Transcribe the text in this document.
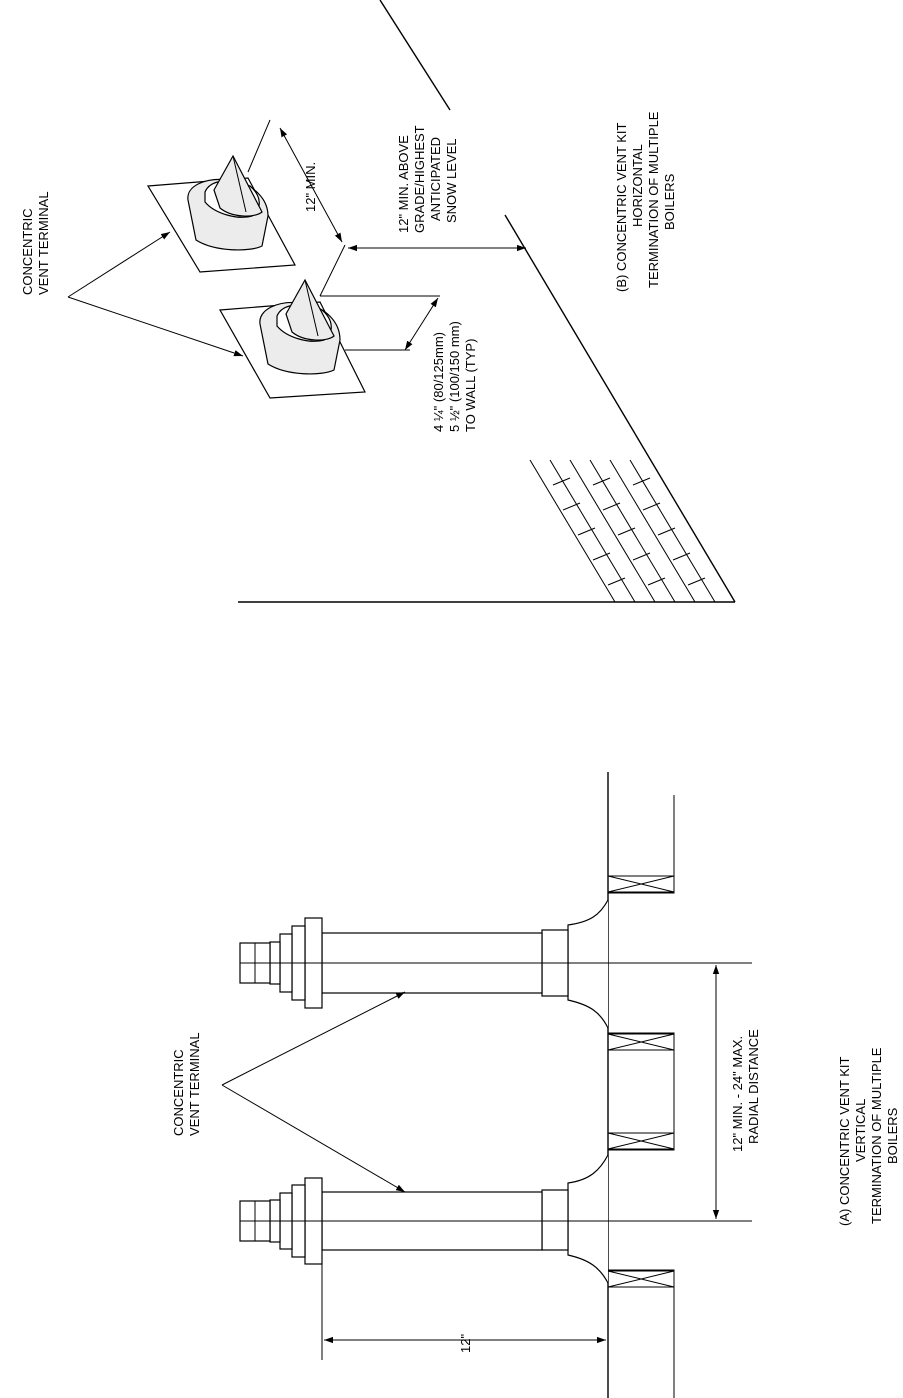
CONCENTRIC VENT TERMINAL
12" MIN.	12" MIN. ABOVE GRADE/HIGHEST ANTICIPATED SNOW LEVEL
4 ¼" (80/125mm) 5 ½" (100/150 mm) TO WALL (TYP)
(B) CONCENTRIC VENT KIT HORIZONTAL TERMINATION OF MULTIPLE BOILERS
CONCENTRIC VENT TERMINAL	12" MIN. - 24" MAX. RADIAL DISTANCE
12"
(A) CONCENTRIC VENT KIT VERTICAL TERMINATION OF MULTIPLE BOILERS
